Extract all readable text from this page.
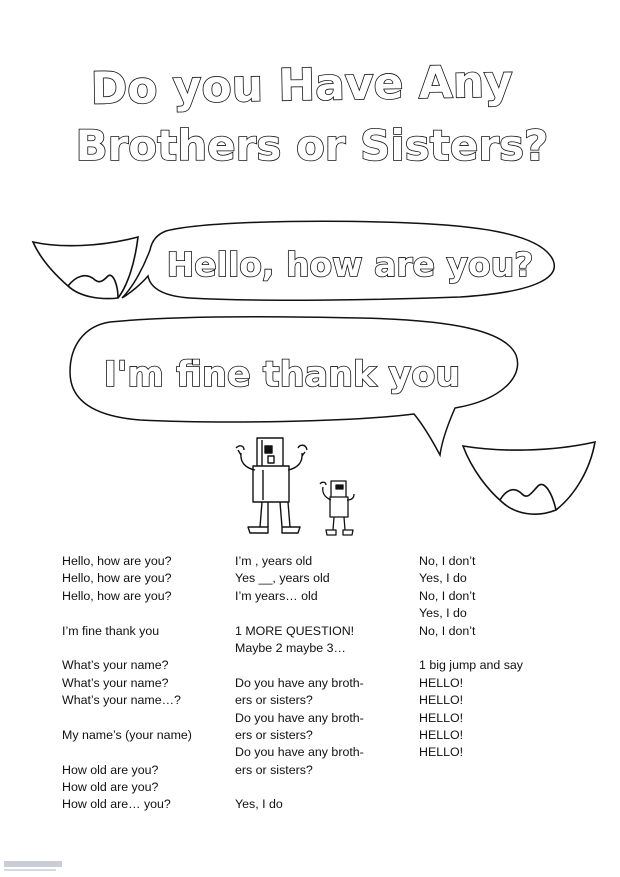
Do you Have Any
Brothers or Sisters?
Hello, how are you?
I'm fine thank you
Hello, how are you?
Hello, how are you?
Hello, how are you?
I’m fine thank you
What’s your name?
What’s your name?
What’s your name…?
My name’s (your name)
How old are you?
How old are you?
How old are… you?
I’m , years old
Yes __, years old
I’m years… old
1 MORE QUESTION!
Maybe 2 maybe 3…
Do you have any broth-
ers or sisters?
Do you have any broth-
ers or sisters?
Do you have any broth-
ers or sisters?
Yes, I do
No, I don’t
Yes, I do
No, I don’t
Yes, I do
No, I don’t
1 big jump and say
HELLO!
HELLO!
HELLO!
HELLO!
HELLO!
